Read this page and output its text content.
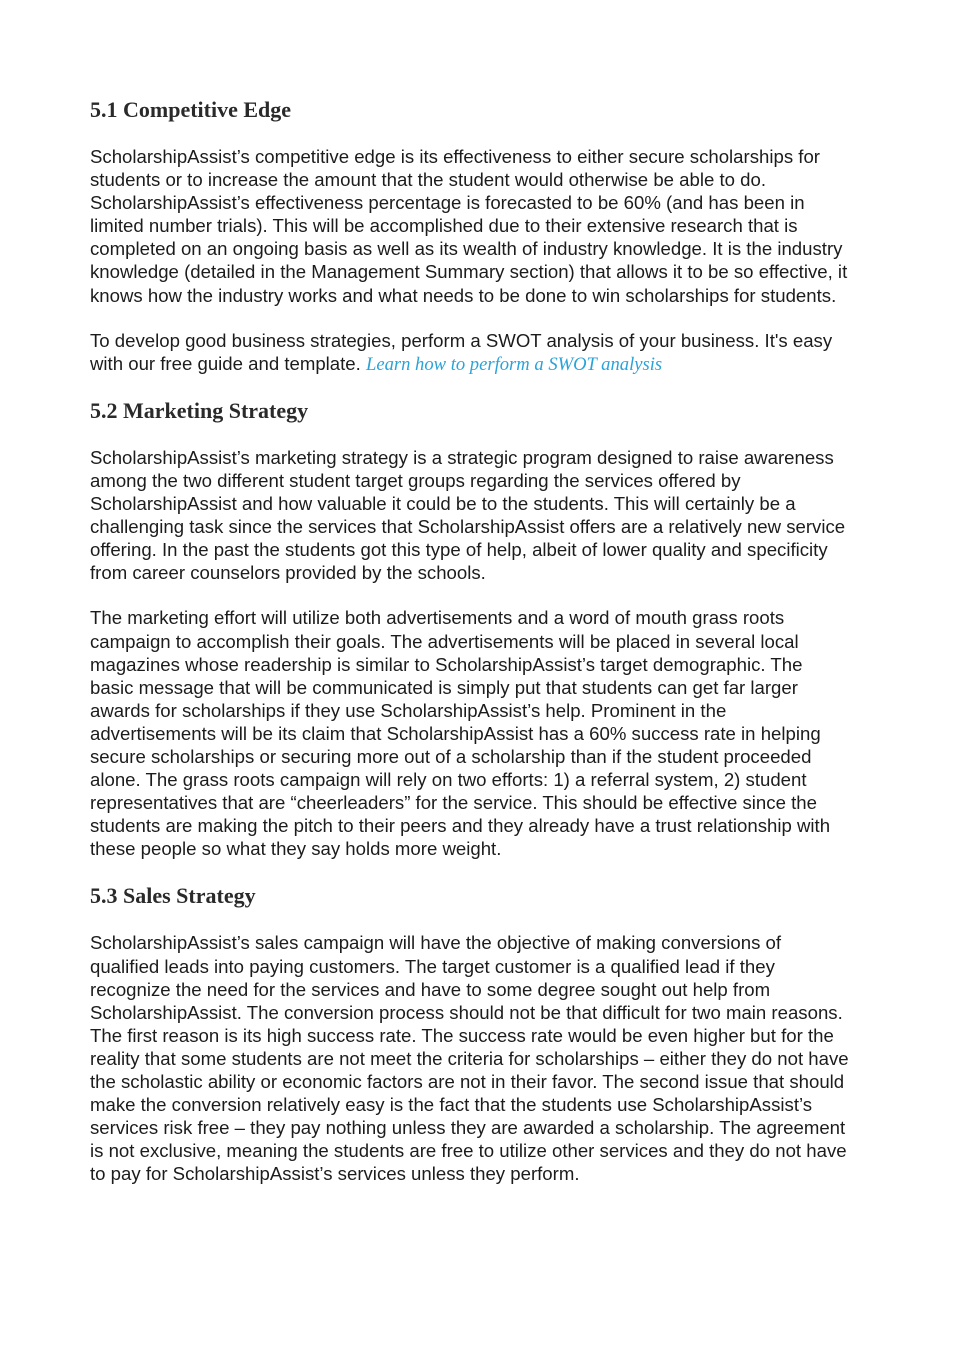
5.1 Competitive Edge

ScholarshipAssist’s competitive edge is its effectiveness to either secure scholarships for students or to increase the amount that the student would otherwise be able to do. ScholarshipAssist’s effectiveness percentage is forecasted to be 60% (and has been in limited number trials). This will be accomplished due to their extensive research that is completed on an ongoing basis as well as its wealth of industry knowledge. It is the industry knowledge (detailed in the Management Summary section) that allows it to be so effective, it knows how the industry works and what needs to be done to win scholarships for students.

To develop good business strategies, perform a SWOT analysis of your business. It's easy with our free guide and template. Learn how to perform a SWOT analysis

5.2 Marketing Strategy

ScholarshipAssist’s marketing strategy is a strategic program designed to raise awareness among the two different student target groups regarding the services offered by ScholarshipAssist and how valuable it could be to the students. This will certainly be a challenging task since the services that ScholarshipAssist offers are a relatively new service offering. In the past the students got this type of help, albeit of lower quality and specificity from career counselors provided by the schools.

The marketing effort will utilize both advertisements and a word of mouth grass roots campaign to accomplish their goals. The advertisements will be placed in several local magazines whose readership is similar to ScholarshipAssist’s target demographic. The basic message that will be communicated is simply put that students can get far larger awards for scholarships if they use ScholarshipAssist’s help. Prominent in the advertisements will be its claim that ScholarshipAssist has a 60% success rate in helping secure scholarships or securing more out of a scholarship than if the student proceeded alone. The grass roots campaign will rely on two efforts: 1) a referral system, 2) student representatives that are “cheerleaders” for the service. This should be effective since the students are making the pitch to their peers and they already have a trust relationship with these people so what they say holds more weight.

5.3 Sales Strategy

ScholarshipAssist’s sales campaign will have the objective of making conversions of qualified leads into paying customers. The target customer is a qualified lead if they recognize the need for the services and have to some degree sought out help from ScholarshipAssist. The conversion process should not be that difficult for two main reasons. The first reason is its high success rate. The success rate would be even higher but for the reality that some students are not meet the criteria for scholarships – either they do not have the scholastic ability or economic factors are not in their favor. The second issue that should make the conversion relatively easy is the fact that the students use ScholarshipAssist’s services risk free – they pay nothing unless they are awarded a scholarship. The agreement is not exclusive, meaning the students are free to utilize other services and they do not have to pay for ScholarshipAssist’s services unless they perform.
